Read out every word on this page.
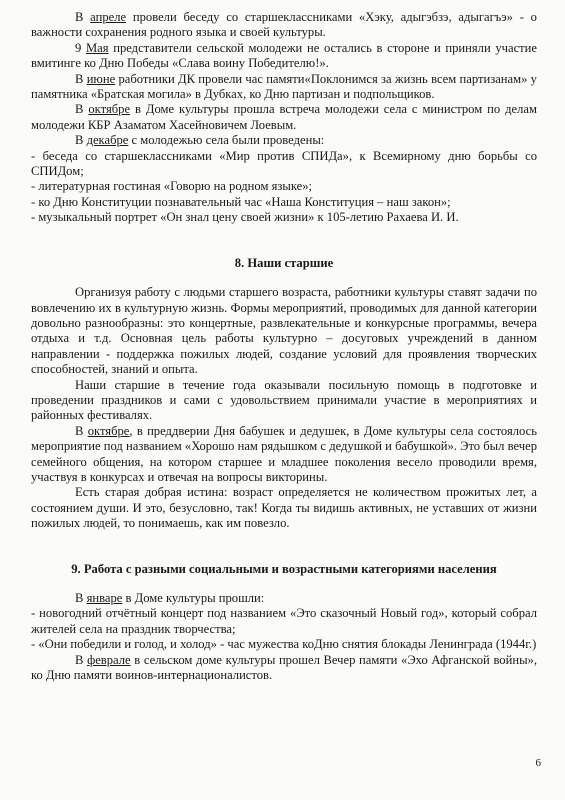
В апреле провели беседу со старшеклассниками «Хэку, адыгэбзэ, адыгагъэ» - о важности сохранения родного языка и своей культуры.

9 Мая представители сельской молодежи не остались в стороне и приняли участие вмитинге ко Дню Победы «Слава воину Победителю!».

В июне работники ДК провели час памяти«Поклонимся за жизнь всем партизанам» у памятника «Братская могила» в Дубках, ко Дню партизан и подпольщиков.

В октябре в Доме культуры прошла встреча молодежи села с министром по делам молодежи КБР Азаматом Хасейновичем Лоевым.

В декабре с молодежью села были проведены:

- беседа со старшеклассниками «Мир против СПИДа», к Всемирному дню борьбы со СПИДом;

- литературная гостиная «Говорю на родном языке»;

- ко Дню Конституции познавательный час «Наша Конституция – наш закон»;

- музыкальный портрет «Он знал цену своей жизни» к 105-летию Рахаева И. И.

8. Наши старшие

Организуя работу с людьми старшего возраста, работники культуры ставят задачи по вовлечению их в культурную жизнь. Формы мероприятий, проводимых для данной категории довольно разнообразны: это концертные, развлекательные и конкурсные программы, вечера отдыха и т.д. Основная цель работы культурно – досуговых учреждений в данном направлении - поддержка пожилых людей, создание условий для проявления творческих способностей, знаний и опыта.

Наши старшие в течение года оказывали посильную помощь в подготовке и проведении праздников и сами с удовольствием принимали участие в мероприятиях и районных фестивалях.

В октябре, в преддверии Дня бабушек и дедушек, в Доме культуры села состоялось мероприятие под названием «Хорошо нам рядышком с дедушкой и бабушкой». Это был вечер семейного общения, на котором старшее и младшее поколения весело проводили время, участвуя в конкурсах и отвечая на вопросы викторины.

Есть старая добрая истина: возраст определяется не количеством прожитых лет, а состоянием души. И это, безусловно, так! Когда ты видишь активных, не уставших от жизни пожилых людей, то понимаешь, как им повезло.

9. Работа с разными социальными и возрастными категориями населения

В январе в Доме культуры прошли:

- новогодний отчётный концерт под названием «Это сказочный Новый год», который собрал жителей села на праздник творчества;

- «Они победили и голод, и холод» - час мужества коДню снятия блокады Ленинграда (1944г.)

В феврале в сельском доме культуры прошел Вечер памяти «Эхо Афганской войны», ко Дню памяти воинов-интернационалистов.

6
